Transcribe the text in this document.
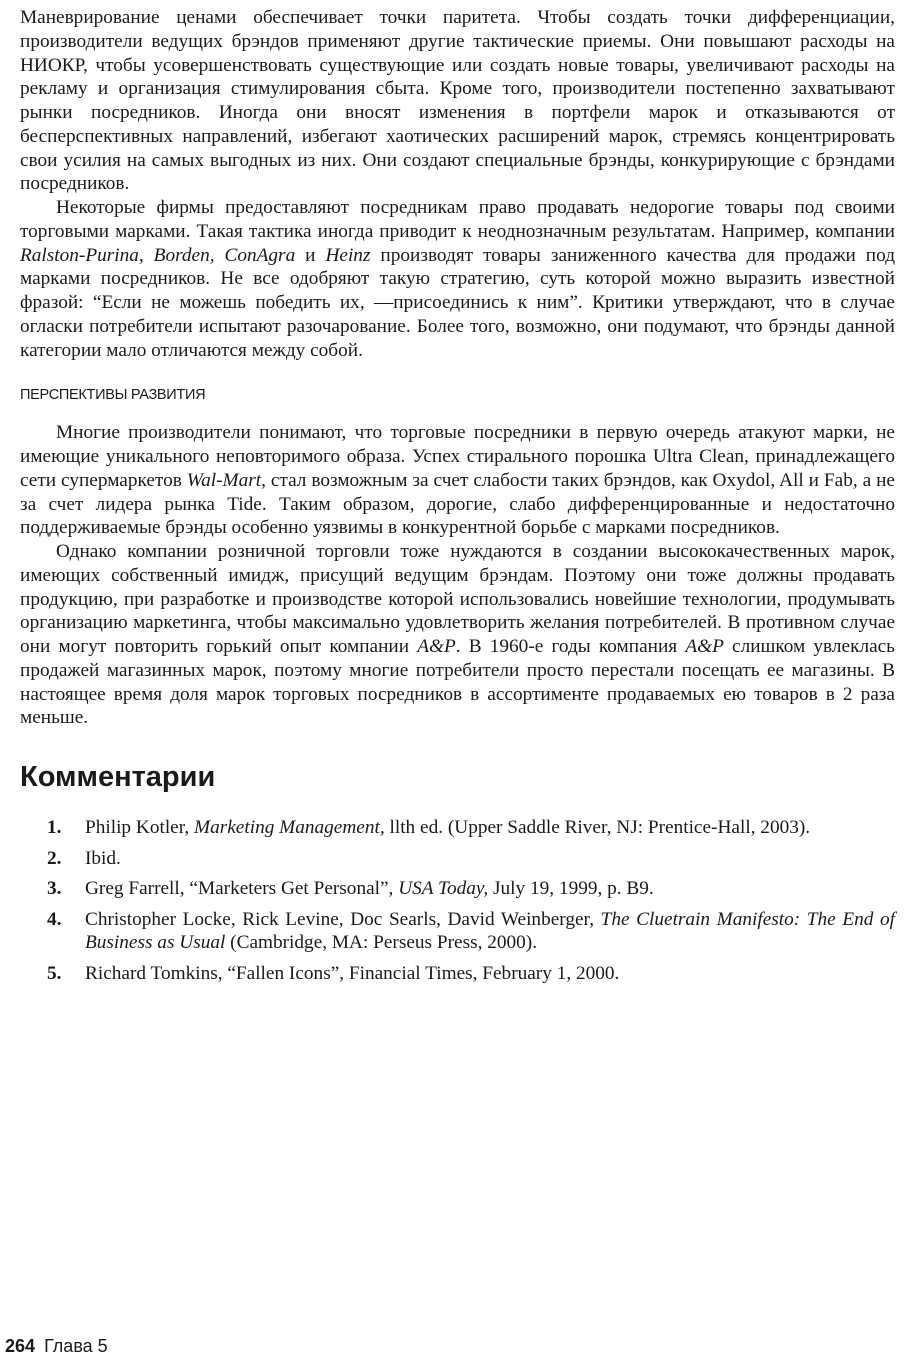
Маневрирование ценами обеспечивает точки паритета. Чтобы создать точки дифференциации, производители ведущих брэндов применяют другие тактические приемы. Они повышают расходы на НИОКР, чтобы усовершенствовать существующие или создать новые товары, увеличивают расходы на рекламу и организация стимулирования сбыта. Кроме того, производители постепенно захватывают рынки посредников. Иногда они вносят изменения в портфели марок и отказываются от бесперспективных направлений, избегают хаотических расширений марок, стремясь концентрировать свои усилия на самых выгодных из них. Они создают специальные брэнды, конкурирующие с брэндами посредников.

Некоторые фирмы предоставляют посредникам право продавать недорогие товары под своими торговыми марками. Такая тактика иногда приводит к неоднозначным результатам. Например, компании Ralston-Purina, Borden, ConAgra и Heinz производят товары заниженного качества для продажи под марками посредников. Не все одобряют такую стратегию, суть которой можно выразить известной фразой: “Если не можешь победить их, —присоединись к ним”. Критики утверждают, что в случае огласки потребители испытают разочарование. Более того, возможно, они подумают, что брэнды данной категории мало отличаются между собой.

ПЕРСПЕКТИВЫ РАЗВИТИЯ

Многие производители понимают, что торговые посредники в первую очередь атакуют марки, не имеющие уникального неповторимого образа. Успех стирального порошка Ultra Clean, принадлежащего сети супермаркетов Wal-Mart, стал возможным за счет слабости таких брэндов, как Oxydol, All и Fab, а не за счет лидера рынка Tide. Таким образом, дорогие, слабо дифференцированные и недостаточно поддерживаемые брэнды особенно уязвимы в конкурентной борьбе с марками посредников.

Однако компании розничной торговли тоже нуждаются в создании высококачественных марок, имеющих собственный имидж, присущий ведущим брэндам. Поэтому они тоже должны продавать продукцию, при разработке и производстве которой использовались новейшие технологии, продумывать организацию маркетинга, чтобы максимально удовлетворить желания потребителей. В противном случае они могут повторить горький опыт компании A&P. В 1960-е годы компания A&P слишком увлеклась продажей магазинных марок, поэтому многие потребители просто перестали посещать ее магазины. В настоящее время доля марок торговых посредников в ассортименте продаваемых ею товаров в 2 раза меньше.

Комментарии
1.	Philip Kotler, Marketing Management, llth ed. (Upper Saddle River, NJ: Prentice-Hall, 2003).
2.	Ibid.
3.	Greg Farrell, “Marketers Get Personal”, USA Today, July 19, 1999, p. B9.
4.	Christopher Locke, Rick Levine, Doc Searls, David Weinberger, The Cluetrain Manifesto: The End of Business as Usual (Cambridge, MA: Perseus Press, 2000).
5.	Richard Tomkins, “Fallen Icons”, Financial Times, February 1, 2000.
264 Глава 5
